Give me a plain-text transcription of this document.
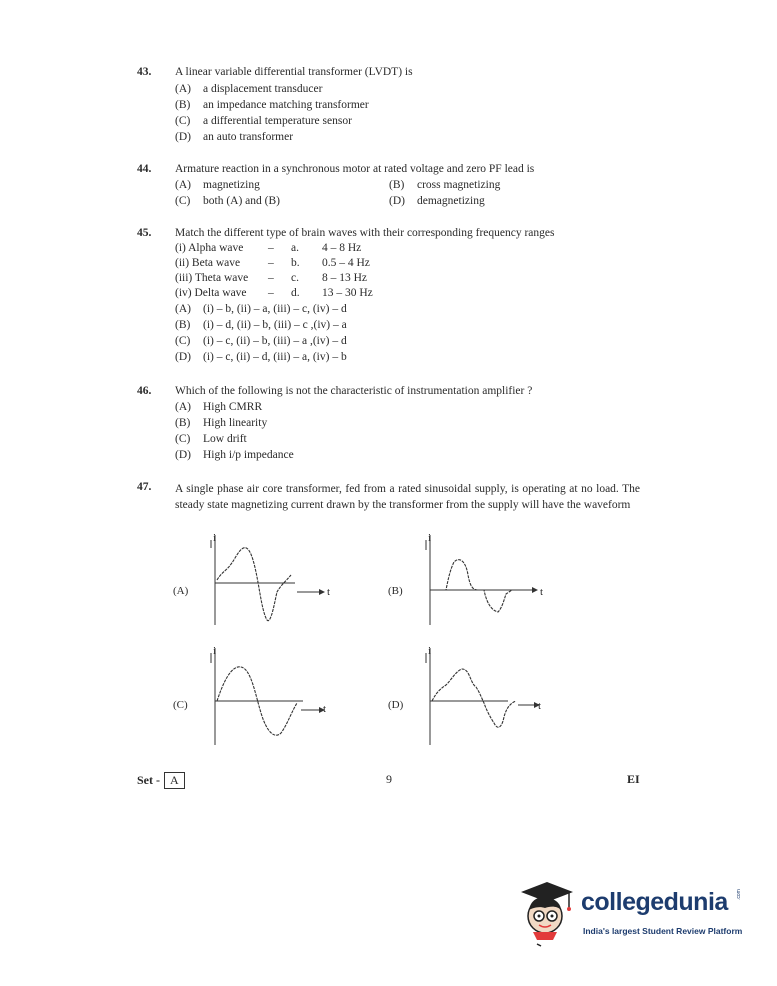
43. A linear variable differential transformer (LVDT) is
(A) a displacement transducer
(B) an impedance matching transformer
(C) a differential temperature sensor
(D) an auto transformer
44. Armature reaction in a synchronous motor at rated voltage and zero PF lead is
(A) magnetizing	(B) cross magnetizing
(C) both (A) and (B)	(D) demagnetizing
45. Match the different type of brain waves with their corresponding frequency ranges
(i) Alpha wave – a. 4 – 8 Hz
(ii) Beta wave – b. 0.5 – 4 Hz
(iii) Theta wave – c. 8 – 13 Hz
(iv) Delta wave – d. 13 – 30 Hz
(A) (i) – b, (ii) – a, (iii) – c, (iv) – d
(B) (i) – d, (ii) – b, (iii) – c ,(iv) – a
(C) (i) – c, (ii) – b, (iii) – a ,(iv) – d
(D) (i) – c, (ii) – d, (iii) – a, (iv) – b
46. Which of the following is not the characteristic of instrumentation amplifier ?
(A) High CMRR
(B) High linearity
(C) Low drift
(D) High i/p impedance
47. A single phase air core transformer, fed from a rated sinusoidal supply, is operating at no load. The steady state magnetizing current drawn by the transformer from the supply will have the waveform
(A)
i
t	(B)
i
t
(C)
i
t	(D)
i
t
Set - A	9	EI
collegedunia .com
India's largest Student Review Platform
